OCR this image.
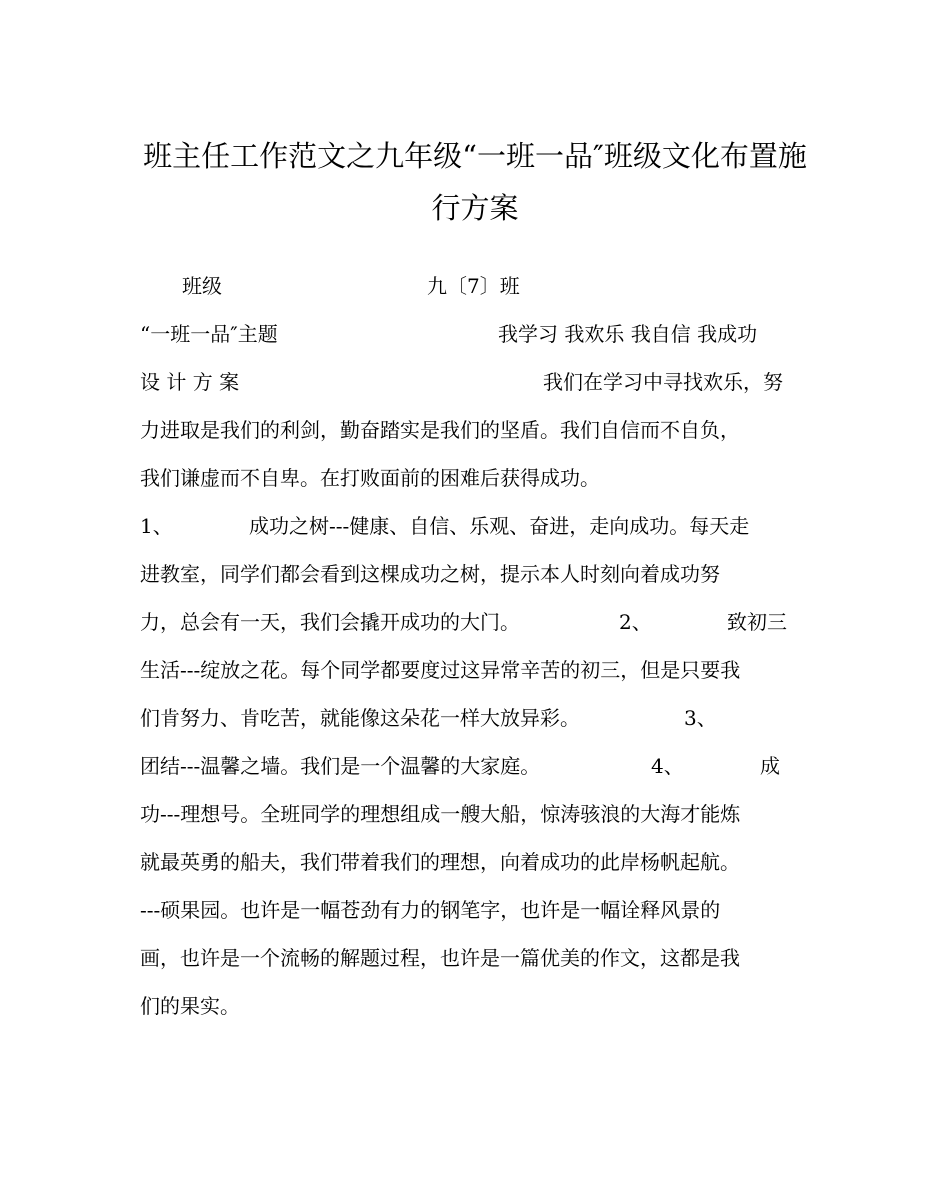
班主任工作范文之九年级“一班一品″班级文化布置施
行方案
班级	九〔7〕班
“一班一品″主题	我学习 我欢乐 我自信 我成功
设 计 方 案	我们在学习中寻找欢乐，努
力进取是我们的利剑，勤奋踏实是我们的坚盾。我们自信而不自负，
我们谦虚而不自卑。在打败面前的困难后获得成功。
1、	成功之树---健康、自信、乐观、奋进，走向成功。每天走
进教室，同学们都会看到这棵成功之树，提示本人时刻向着成功努
力，总会有一天，我们会撬开成功的大门。	2、	致初三
生活---绽放之花。每个同学都要度过这异常辛苦的初三，但是只要我
们肯努力、肯吃苦，就能像这朵花一样大放异彩。	3、
团结---温馨之墙。我们是一个温馨的大家庭。	4、	成
功---理想号。全班同学的理想组成一艘大船，惊涛骇浪的大海才能炼
就最英勇的船夫，我们带着我们的理想，向着成功的此岸杨帆起航。
---硕果园。也许是一幅苍劲有力的钢笔字，也许是一幅诠释风景的
画，也许是一个流畅的解题过程，也许是一篇优美的作文，这都是我
们的果实。
